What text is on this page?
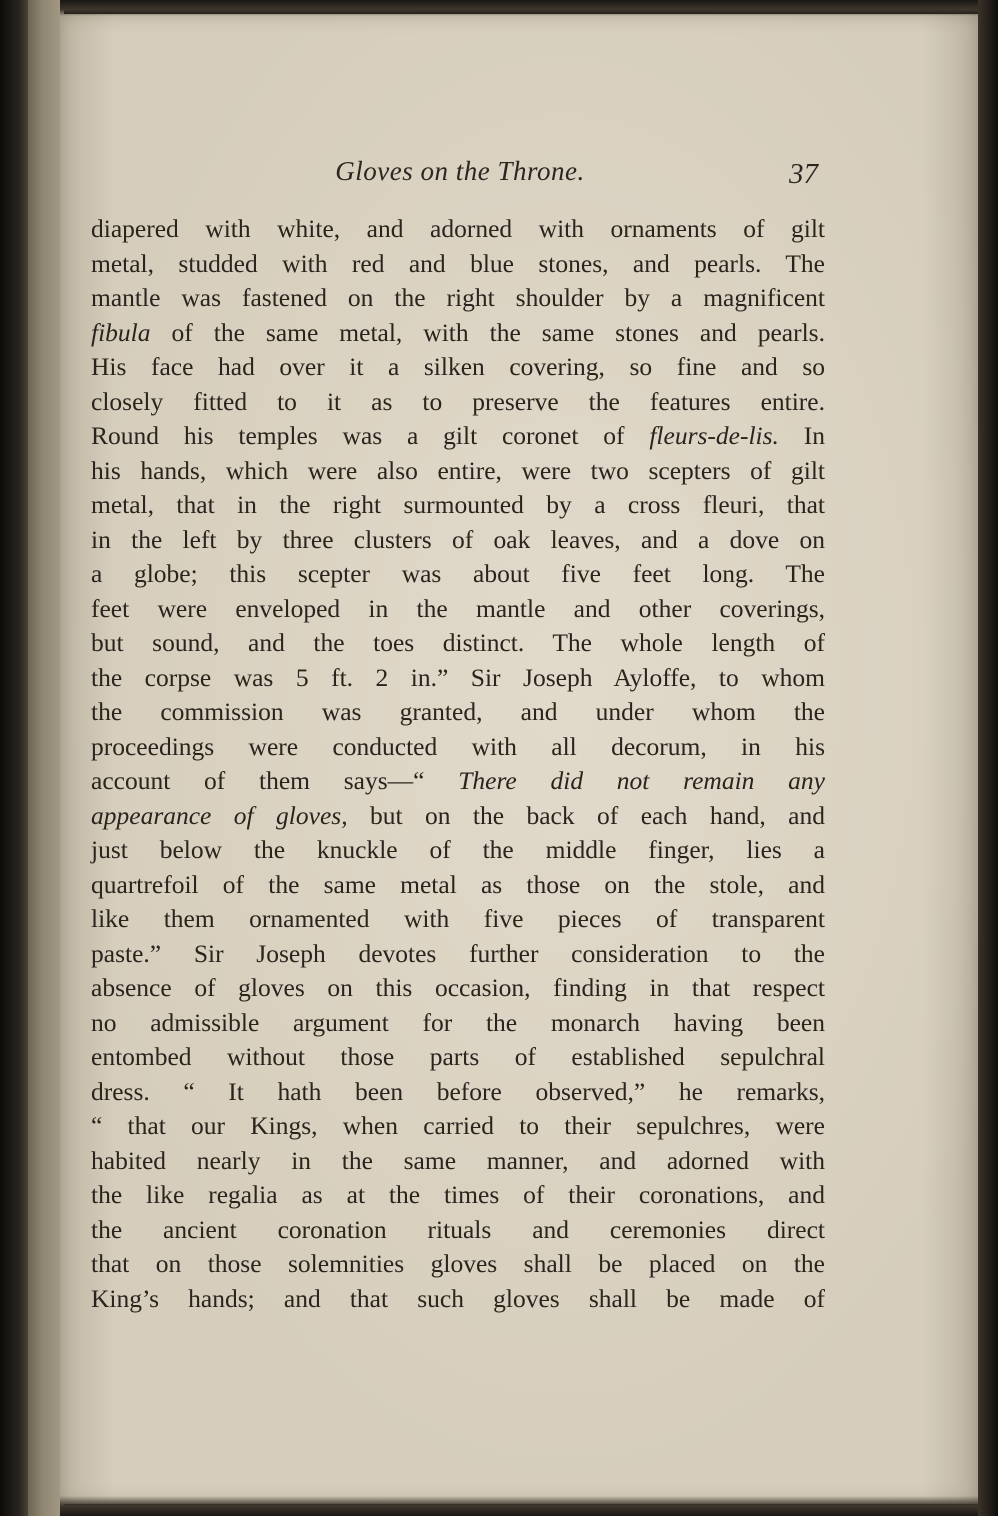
Gloves on the Throne.	37
diapered with white, and adorned with ornaments of gilt
metal, studded with red and blue stones, and pearls. The
mantle was fastened on the right shoulder by a magnificent
fibula of the same metal, with the same stones and pearls.
His face had over it a silken covering, so fine and so
closely fitted to it as to preserve the features entire.
Round his temples was a gilt coronet of fleurs-de-lis. In
his hands, which were also entire, were two scepters of gilt
metal, that in the right surmounted by a cross fleuri, that
in the left by three clusters of oak leaves, and a dove on
a globe; this scepter was about five feet long. The
feet were enveloped in the mantle and other coverings,
but sound, and the toes distinct. The whole length of
the corpse was 5 ft. 2 in.” Sir Joseph Ayloffe, to whom
the commission was granted, and under whom the
proceedings were conducted with all decorum, in his
account of them says—“ There did not remain any
appearance of gloves, but on the back of each hand, and
just below the knuckle of the middle finger, lies a
quartrefoil of the same metal as those on the stole, and
like them ornamented with five pieces of transparent
paste.” Sir Joseph devotes further consideration to the
absence of gloves on this occasion, finding in that respect
no admissible argument for the monarch having been
entombed without those parts of established sepulchral
dress. “ It hath been before observed,” he remarks,
“ that our Kings, when carried to their sepulchres, were
habited nearly in the same manner, and adorned with
the like regalia as at the times of their coronations, and
the ancient coronation rituals and ceremonies direct
that on those solemnities gloves shall be placed on the
King’s hands; and that such gloves shall be made of
